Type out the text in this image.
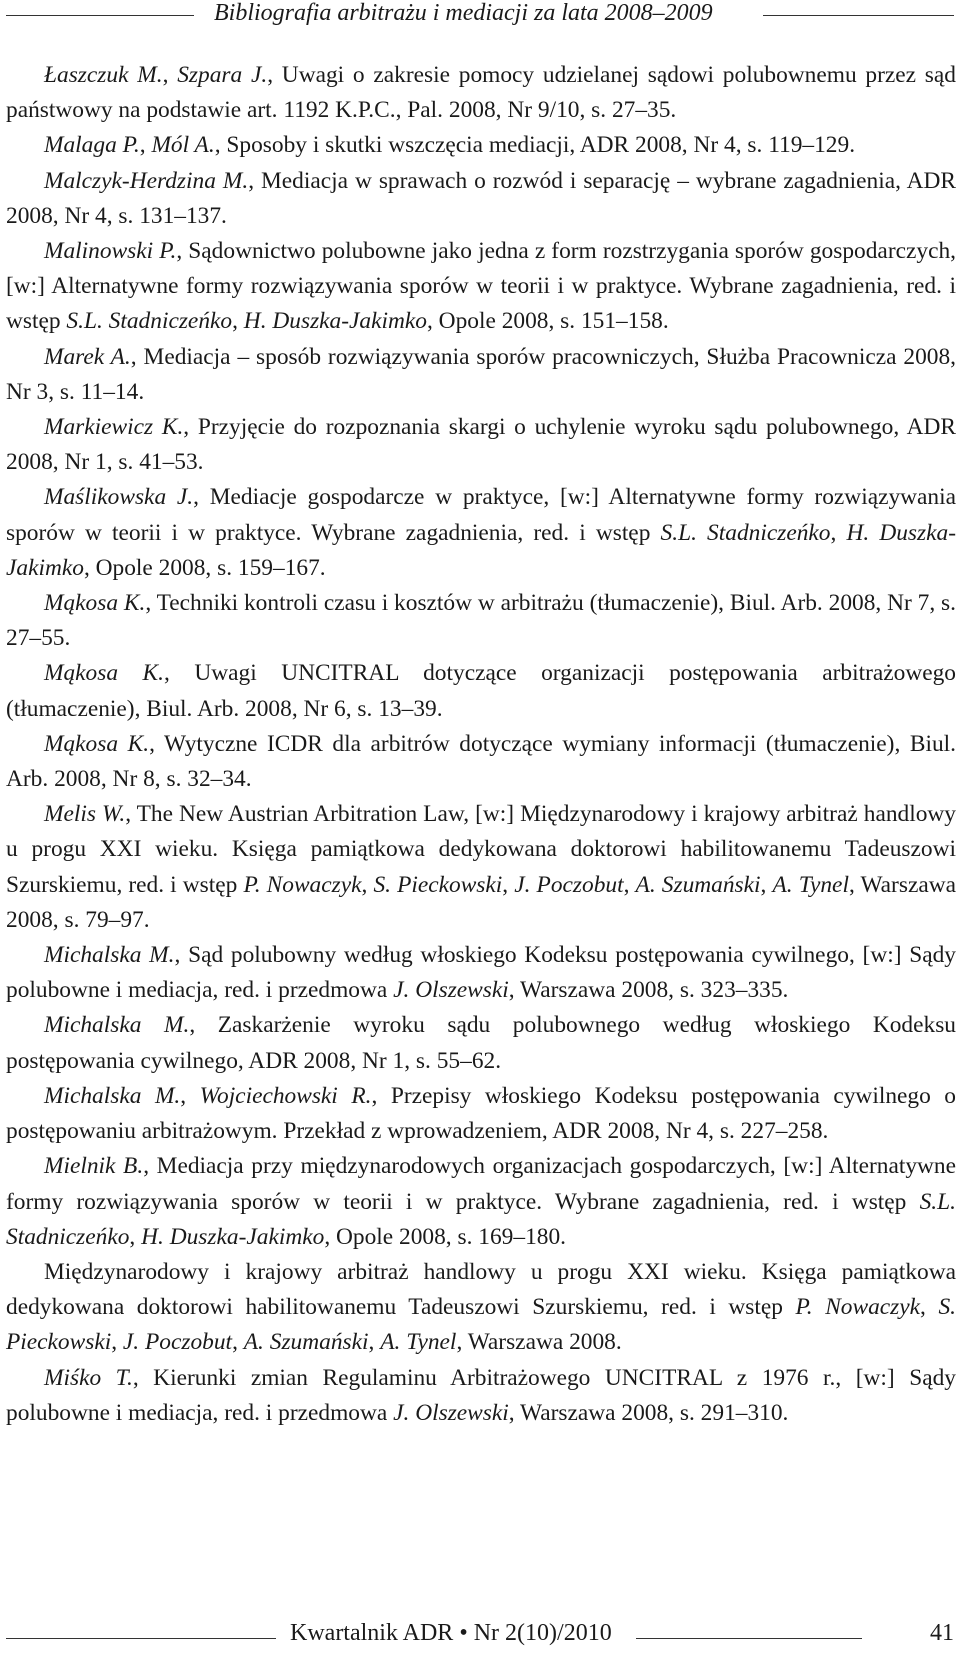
Bibliografia arbitrażu i mediacji za lata 2008–2009

Łaszczuk M., Szpara J., Uwagi o zakresie pomocy udzielanej sądowi polubownemu przez sąd państwowy na podstawie art. 1192 K.P.C., Pal. 2008, Nr 9/10, s. 27–35.

Malaga P., Mól A., Sposoby i skutki wszczęcia mediacji, ADR 2008, Nr 4, s. 119–129.

Malczyk-Herdzina M., Mediacja w sprawach o rozwód i separację – wybrane zagadnienia, ADR 2008, Nr 4, s. 131–137.

Malinowski P., Sądownictwo polubowne jako jedna z form rozstrzygania sporów gospodarczych, [w:] Alternatywne formy rozwiązywania sporów w teorii i w praktyce. Wybrane zagadnienia, red. i wstęp S.L. Stadniczeńko, H. Duszka-Jakimko, Opole 2008, s. 151–158.

Marek A., Mediacja – sposób rozwiązywania sporów pracowniczych, Służba Pracownicza 2008, Nr 3, s. 11–14.

Markiewicz K., Przyjęcie do rozpoznania skargi o uchylenie wyroku sądu polubownego, ADR 2008, Nr 1, s. 41–53.

Maślikowska J., Mediacje gospodarcze w praktyce, [w:] Alternatywne formy rozwiązywania sporów w teorii i w praktyce. Wybrane zagadnienia, red. i wstęp S.L. Stadniczeńko, H. Duszka-Jakimko, Opole 2008, s. 159–167.

Mąkosa K., Techniki kontroli czasu i kosztów w arbitrażu (tłumaczenie), Biul. Arb. 2008, Nr 7, s. 27–55.

Mąkosa K., Uwagi UNCITRAL dotyczące organizacji postępowania arbitrażowego (tłumaczenie), Biul. Arb. 2008, Nr 6, s. 13–39.

Mąkosa K., Wytyczne ICDR dla arbitrów dotyczące wymiany informacji (tłumaczenie), Biul. Arb. 2008, Nr 8, s. 32–34.

Melis W., The New Austrian Arbitration Law, [w:] Międzynarodowy i krajowy arbitraż handlowy u progu XXI wieku. Księga pamiątkowa dedykowana doktorowi habilitowanemu Tadeuszowi Szurskiemu, red. i wstęp P. Nowaczyk, S. Pieckowski, J. Poczobut, A. Szumański, A. Tynel, Warszawa 2008, s. 79–97.

Michalska M., Sąd polubowny według włoskiego Kodeksu postępowania cywilnego, [w:] Sądy polubowne i mediacja, red. i przedmowa J. Olszewski, Warszawa 2008, s. 323–335.

Michalska M., Zaskarżenie wyroku sądu polubownego według włoskiego Kodeksu postępowania cywilnego, ADR 2008, Nr 1, s. 55–62.

Michalska M., Wojciechowski R., Przepisy włoskiego Kodeksu postępowania cywilnego o postępowaniu arbitrażowym. Przekład z wprowadzeniem, ADR 2008, Nr 4, s. 227–258.

Mielnik B., Mediacja przy międzynarodowych organizacjach gospodarczych, [w:] Alternatywne formy rozwiązywania sporów w teorii i w praktyce. Wybrane zagadnienia, red. i wstęp S.L. Stadniczeńko, H. Duszka-Jakimko, Opole 2008, s. 169–180.

Międzynarodowy i krajowy arbitraż handlowy u progu XXI wieku. Księga pamiątkowa dedykowana doktorowi habilitowanemu Tadeuszowi Szurskiemu, red. i wstęp P. Nowaczyk, S. Pieckowski, J. Poczobut, A. Szumański, A. Tynel, Warszawa 2008.

Miśko T., Kierunki zmian Regulaminu Arbitrażowego UNCITRAL z 1976 r., [w:] Sądy polubowne i mediacja, red. i przedmowa J. Olszewski, Warszawa 2008, s. 291–310.

Kwartalnik ADR • Nr 2(10)/2010	41
